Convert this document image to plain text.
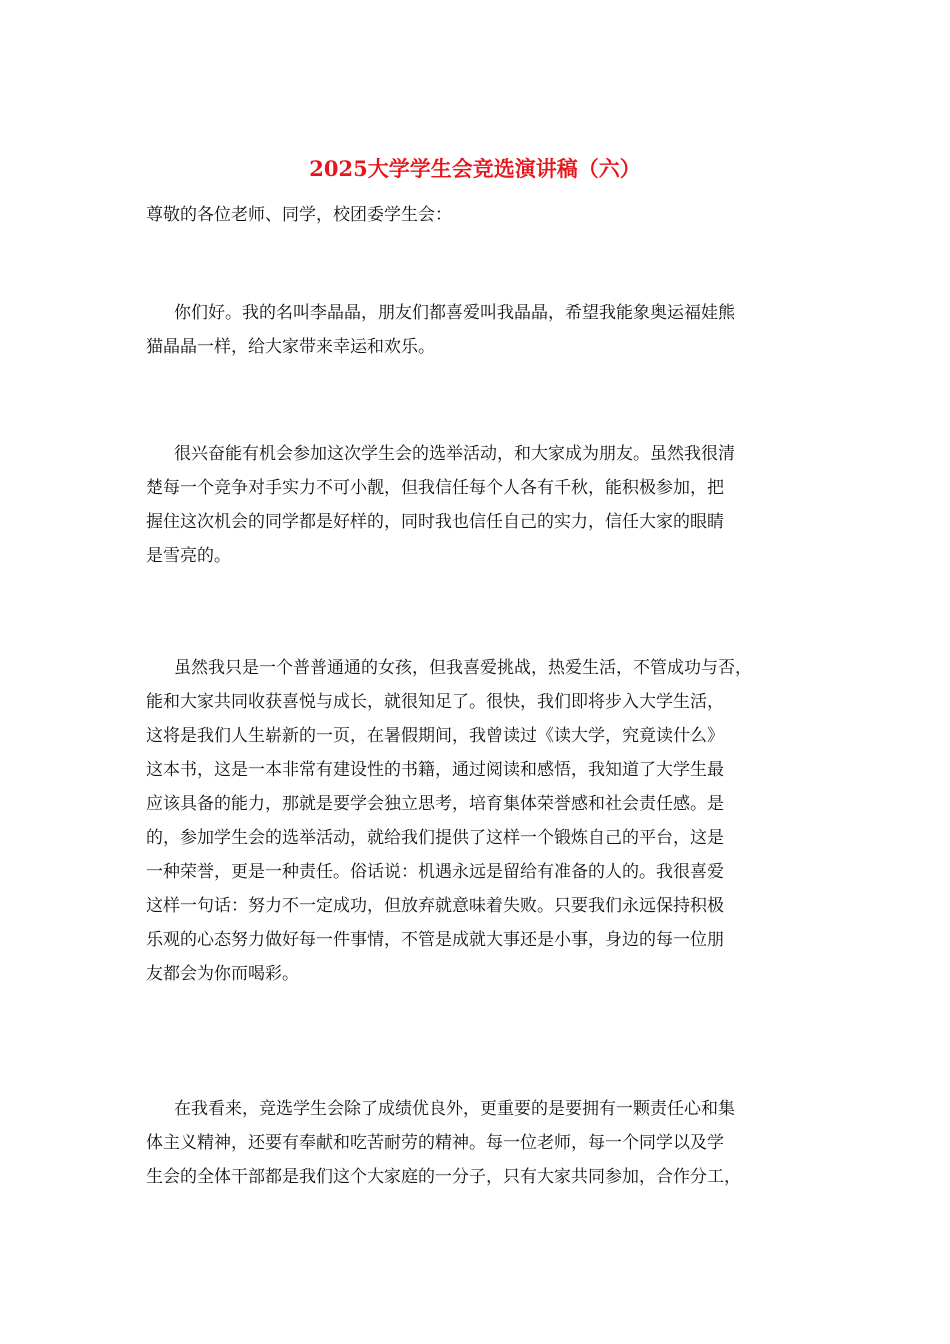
2025大学学生会竞选演讲稿（六）
尊敬的各位老师、同学，校团委学生会：
你们好。我的名叫李晶晶，朋友们都喜爱叫我晶晶，希望我能象奥运福娃熊
猫晶晶一样，给大家带来幸运和欢乐。
很兴奋能有机会参加这次学生会的选举活动，和大家成为朋友。虽然我很清
楚每一个竞争对手实力不可小靓，但我信任每个人各有千秋，能积极参加，把
握住这次机会的同学都是好样的，同时我也信任自己的实力，信任大家的眼睛
是雪亮的。
虽然我只是一个普普通通的女孩，但我喜爱挑战，热爱生活，不管成功与否，
能和大家共同收获喜悦与成长，就很知足了。很快，我们即将步入大学生活，
这将是我们人生崭新的一页，在暑假期间，我曾读过《读大学，究竟读什么》
这本书，这是一本非常有建设性的书籍，通过阅读和感悟，我知道了大学生最
应该具备的能力，那就是要学会独立思考，培育集体荣誉感和社会责任感。是
的，参加学生会的选举活动，就给我们提供了这样一个锻炼自己的平台，这是
一种荣誉，更是一种责任。俗话说：机遇永远是留给有准备的人的。我很喜爱
这样一句话：努力不一定成功，但放弃就意味着失败。只要我们永远保持积极
乐观的心态努力做好每一件事情，不管是成就大事还是小事，身边的每一位朋
友都会为你而喝彩。
在我看来，竞选学生会除了成绩优良外，更重要的是要拥有一颗责任心和集
体主义精神，还要有奉献和吃苦耐劳的精神。每一位老师，每一个同学以及学
生会的全体干部都是我们这个大家庭的一分子，只有大家共同参加，合作分工，
